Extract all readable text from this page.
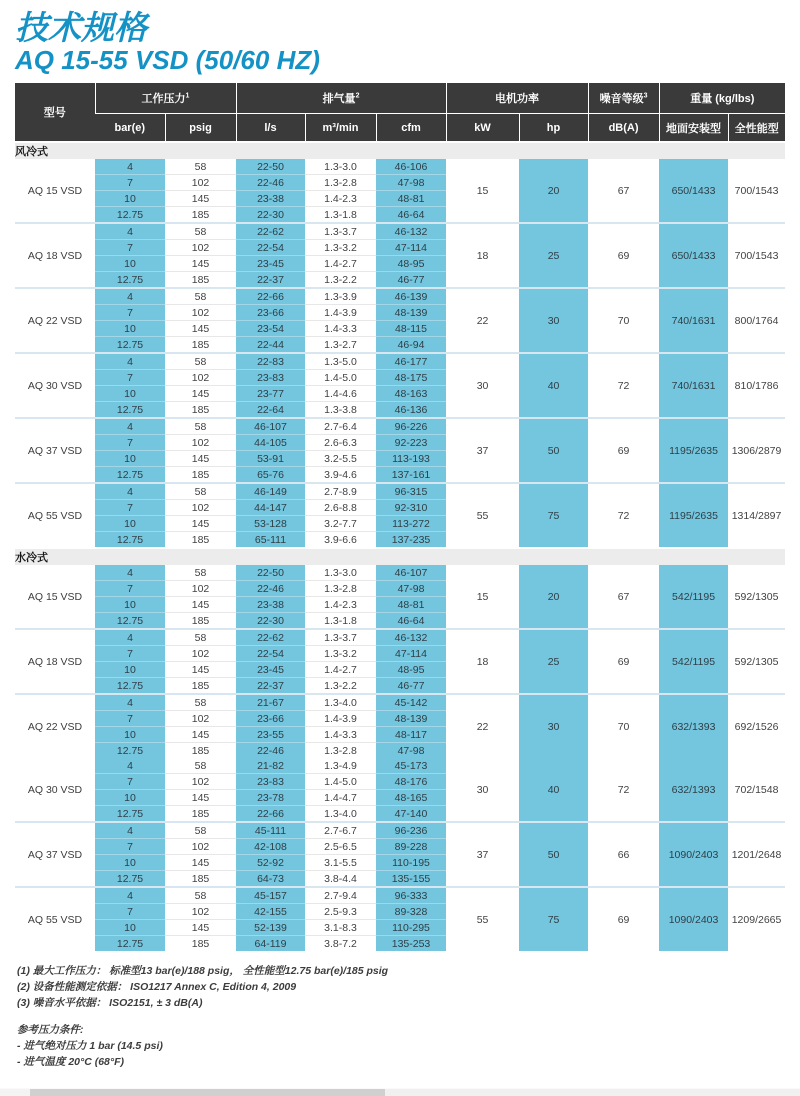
技术规格
AQ 15-55 VSD (50/60 HZ)
型号	工作压力$^1$		排气量$^2$			电机功率		噪音等级$^3$	重量 (kg/lbs)	
	bar(e)	psig	l/s	m³/min	cfm	kW	hp	dB(A)	地面安装型	全性能型
风冷式										
AQ 15 VSD	4	58	22-50	1.3-3.0	46-106	15	20	67	650/1433	700/1543
	7	102	22-46	1.3-2.8	47-98					
	10	145	23-38	1.4-2.3	48-81					
	12.75	185	22-30	1.3-1.8	46-64					
AQ 18 VSD	4	58	22-62	1.3-3.7	46-132	18	25	69	650/1433	700/1543
	7	102	22-54	1.3-3.2	47-114					
	10	145	23-45	1.4-2.7	48-95					
	12.75	185	22-37	1.3-2.2	46-77					
AQ 22 VSD	4	58	22-66	1.3-3.9	46-139	22	30	70	740/1631	800/1764
	7	102	23-66	1.4-3.9	48-139					
	10	145	23-54	1.4-3.3	48-115					
	12.75	185	22-44	1.3-2.7	46-94					
AQ 30 VSD	4	58	22-83	1.3-5.0	46-177	30	40	72	740/1631	810/1786
	7	102	23-83	1.4-5.0	48-175					
	10	145	23-77	1.4-4.6	48-163					
	12.75	185	22-64	1.3-3.8	46-136					
AQ 37 VSD	4	58	46-107	2.7-6.4	96-226	37	50	69	1195/2635	1306/2879
	7	102	44-105	2.6-6.3	92-223					
	10	145	53-91	3.2-5.5	113-193					
	12.75	185	65-76	3.9-4.6	137-161					
AQ 55 VSD	4	58	46-149	2.7-8.9	96-315	55	75	72	1195/2635	1314/2897
	7	102	44-147	2.6-8.8	92-310					
	10	145	53-128	3.2-7.7	113-272					
	12.75	185	65-111	3.9-6.6	137-235					
水冷式										
AQ 15 VSD	4	58	22-50	1.3-3.0	46-107	15	20	67	542/1195	592/1305
	7	102	22-46	1.3-2.8	47-98					
	10	145	23-38	1.4-2.3	48-81					
	12.75	185	22-30	1.3-1.8	46-64					
AQ 18 VSD	4	58	22-62	1.3-3.7	46-132	18	25	69	542/1195	592/1305
	7	102	22-54	1.3-3.2	47-114					
	10	145	23-45	1.4-2.7	48-95					
	12.75	185	22-37	1.3-2.2	46-77					
AQ 22 VSD	4	58	21-67	1.3-4.0	45-142	22	30	70	632/1393	692/1526
	7	102	23-66	1.4-3.9	48-139					
	10	145	23-55	1.4-3.3	48-117					
	12.75	185	22-46	1.3-2.8	47-98					
AQ 30 VSD	4	58	21-82	1.3-4.9	45-173	30	40	72	632/1393	702/1548
	7	102	23-83	1.4-5.0	48-176					
	10	145	23-78	1.4-4.7	48-165					
	12.75	185	22-66	1.3-4.0	47-140					
AQ 37 VSD	4	58	45-111	2.7-6.7	96-236	37	50	66	1090/2403	1201/2648
	7	102	42-108	2.5-6.5	89-228					
	10	145	52-92	3.1-5.5	110-195					
	12.75	185	64-73	3.8-4.4	135-155					
AQ 55 VSD	4	58	45-157	2.7-9.4	96-333	55	75	69	1090/2403	1209/2665
	7	102	42-155	2.5-9.3	89-328					
	10	145	52-139	3.1-8.3	110-295					
	12.75	185	64-119	3.8-7.2	135-253					
(1) 最大工作压力： 标准型13 bar(e)/188 psig， 全性能型12.75 bar(e)/185 psig
(2) 设备性能测定依据： ISO1217 Annex C, Edition 4, 2009
(3) 噪音水平依据： ISO2151, ± 3 dB(A)
参考压力条件:
- 进气绝对压力 1 bar (14.5 psi)
- 进气温度 20°C (68°F)
